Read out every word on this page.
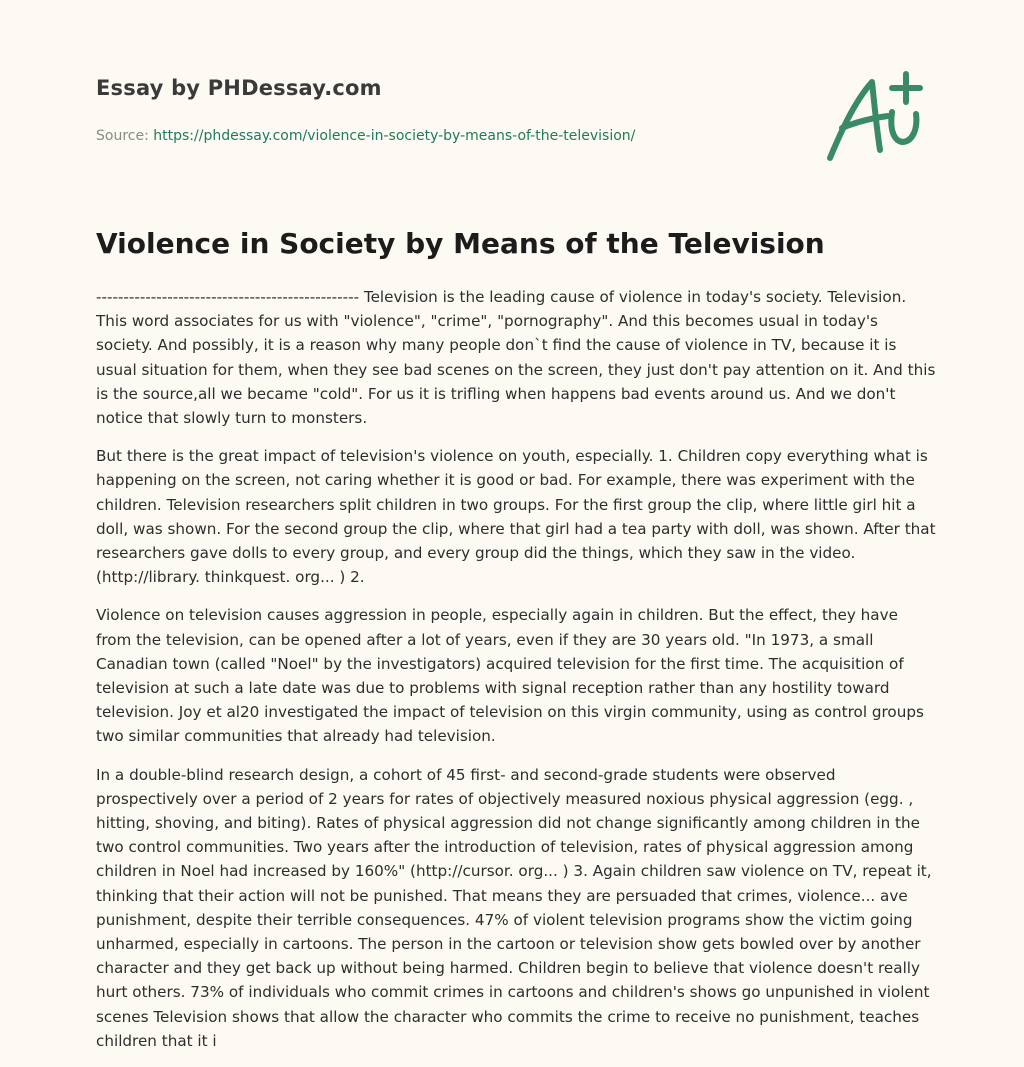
Essay by PHDessay.com
Source: https://phdessay.com/violence-in-society-by-means-of-the-television/
Violence in Society by Means of the Television

------------------------------------------------ Television is the leading cause of violence in today's society. Television. This word associates for us with "violence", "crime", "pornography". And this becomes usual in today's society. And possibly, it is a reason why many people don`t find the cause of violence in TV, because it is usual situation for them, when they see bad scenes on the screen, they just don't pay attention on it. And this is the source,all we became "cold". For us it is trifling when happens bad events around us. And we don't notice that slowly turn to monsters.

But there is the great impact of television's violence on youth, especially. 1. Children copy everything what is happening on the screen, not caring whether it is good or bad. For example, there was experiment with the children. Television researchers split children in two groups. For the first group the clip, where little girl hit a doll, was shown. For the second group the clip, where that girl had a tea party with doll, was shown. After that researchers gave dolls to every group, and every group did the things, which they saw in the video. (http://library. thinkquest. org... ) 2.

Violence on television causes aggression in people, especially again in children. But the effect, they have from the television, can be opened after a lot of years, even if they are 30 years old. "In 1973, a small Canadian town (called "Noel" by the investigators) acquired television for the first time. The acquisition of television at such a late date was due to problems with signal reception rather than any hostility toward television. Joy et al20 investigated the impact of television on this virgin community, using as control groups two similar communities that already had television.

In a double-blind research design, a cohort of 45 first- and second-grade students were observed prospectively over a period of 2 years for rates of objectively measured noxious physical aggression (egg. , hitting, shoving, and biting). Rates of physical aggression did not change significantly among children in the two control communities. Two years after the introduction of television, rates of physical aggression among children in Noel had increased by 160%" (http://cursor. org... ) 3. Again children saw violence on TV, repeat it, thinking that their action will not be punished. That means they are persuaded that crimes, violence... ave punishment, despite their terrible consequences. 47% of violent television programs show the victim going unharmed, especially in cartoons. The person in the cartoon or television show gets bowled over by another character and they get back up without being harmed. Children begin to believe that violence doesn't really hurt others. 73% of individuals who commit crimes in cartoons and children's shows go unpunished in violent scenes Television shows that allow the character who commits the crime to receive no punishment, teaches children that it i
